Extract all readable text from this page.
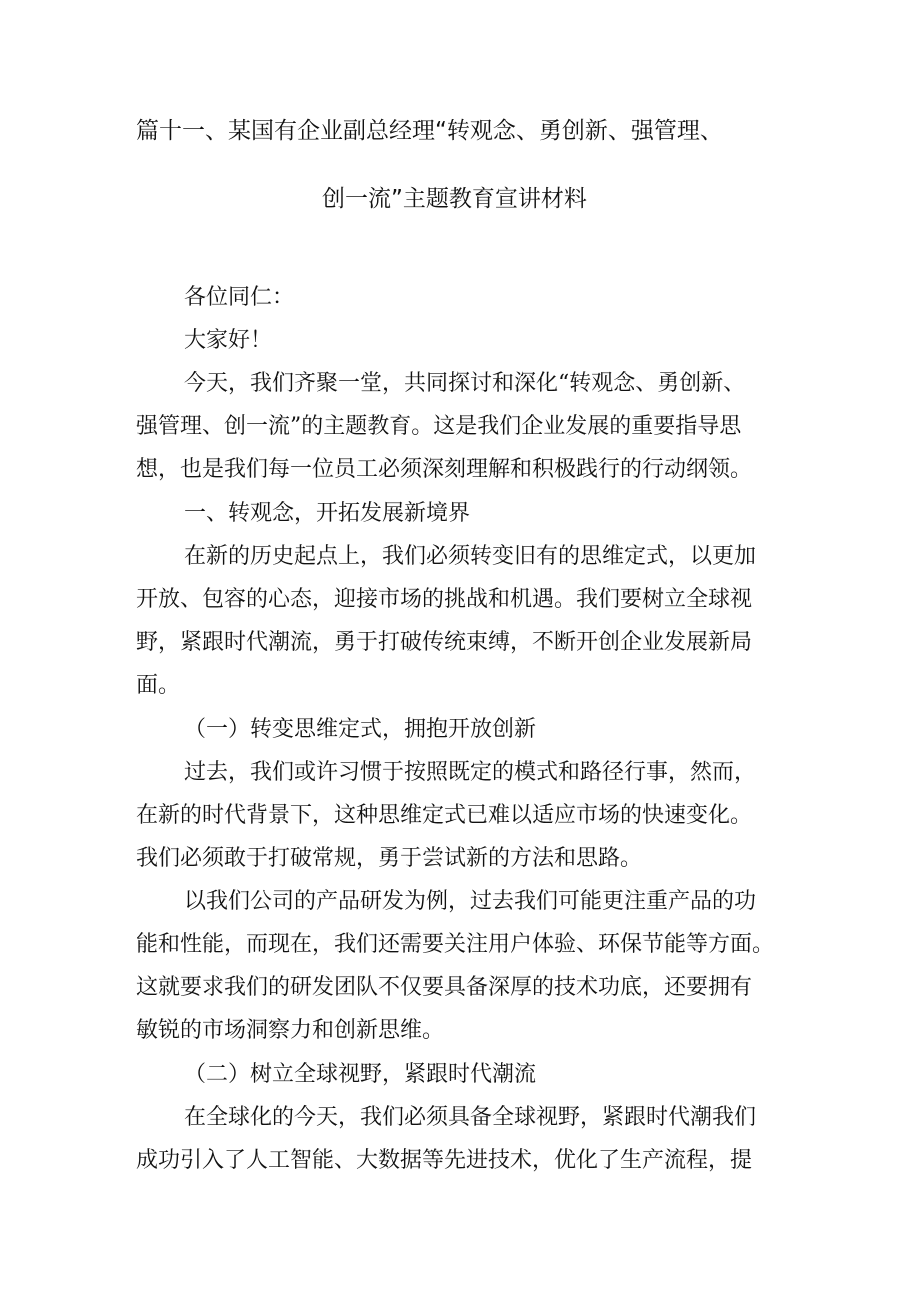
篇十一、某国有企业副总经理“转观念、勇创新、强管理、
创一流”主题教育宣讲材料
各位同仁：
大家好！
今天，我们齐聚一堂，共同探讨和深化“转观念、勇创新、
强管理、创一流”的主题教育。这是我们企业发展的重要指导思
想，也是我们每一位员工必须深刻理解和积极践行的行动纲领。
一、转观念，开拓发展新境界
在新的历史起点上，我们必须转变旧有的思维定式，以更加
开放、包容的心态，迎接市场的挑战和机遇。我们要树立全球视
野，紧跟时代潮流，勇于打破传统束缚，不断开创企业发展新局
面。
（一）转变思维定式，拥抱开放创新
过去，我们或许习惯于按照既定的模式和路径行事，然而，
在新的时代背景下，这种思维定式已难以适应市场的快速变化。
我们必须敢于打破常规，勇于尝试新的方法和思路。
以我们公司的产品研发为例，过去我们可能更注重产品的功
能和性能，而现在，我们还需要关注用户体验、环保节能等方面。
这就要求我们的研发团队不仅要具备深厚的技术功底，还要拥有
敏锐的市场洞察力和创新思维。
（二）树立全球视野，紧跟时代潮流
在全球化的今天，我们必须具备全球视野，紧跟时代潮我们
成功引入了人工智能、大数据等先进技术，优化了生产流程，提
